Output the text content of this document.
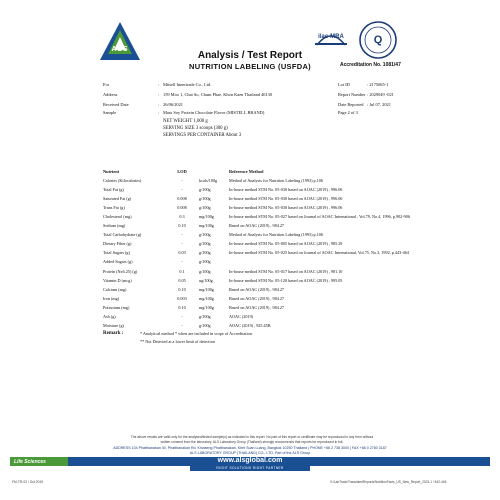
ALS
Analysis / Test Report
NUTRITION LABELING (USFDA)
ilac-MRA	Q
Accreditation No. 1081/47
For	: Mitsell Innertrade Co., Ltd.
Address	: 159 Moo 1, Chai So, Chum Phae, Khon Kaen Thailand 40130
Received Date	: 26/06/2021
Sample	: Mass Soy Protein Chocolate Flavor (MISTELL BRAND)
NET WEIGHT 1,000 g
SERVING SIZE 3 scoops (300 g)
SERVINGS PER CONTAINER About 3
Lot ID	: 2175065-1
Report Number : 2029049 -021
Date Reported : Jul 07, 2021
Page 2 of 3
Nutrient	LOD	Reference Method
Calories (Kilocalories)	-	kcals/100g	Method of Analysis for Nutrition Labeling (1993) p.106
Total Fat (g)	-	g/100g	In-house method STM No. 05-030 based on AOAC (2019) , 996.06
Saturated Fat (g)	0.008	g/100g	In-house method STM No. 05-030 based on AOAC (2019) , 996.06
Trans Fat (g)	0.008	g/100g	In-house method STM No. 05-030 based on AOAC (2019) , 996.06
Cholesterol (mg)	0.3	mg/100g	In-house method STM No. 05-027 based on Journal of AOAC International , Vol.79, No.4, 1996, p.902-906
Sodium (mg)	0.10	mg/100g	Based on AOAC (2019) , 984.27
Total Carbohydrate (g)	-	g/100g	Method of Analysis for Nutrition Labeling (1993) p.106
Dietary Fiber (g)	-	g/100g	In-house method STM No. 05-005 based on AOAC (2019) , 985.29
Total Sugars (g)	0.03	g/100g	In-house method STM No. 05-025 based on Journal of AOAC International, Vol.75, No.3, 1992, p.443-464
Added Sugars (g)	-	g/100g
Protein (Nx6.25) (g)	0.1	g/100g	In-house method STM No. 05-017 based on AOAC (2019) , 981.10
Vitamin D (mcg)	0.05	ug/100g	In-house method STM No. 05-120 based on AOAC (2019) , 995.05
Calcium (mg)	0.10	mg/100g	Based on AOAC (2019) , 984.27
Iron (mg)	0.003	mg/100g	Based on AOAC (2019) , 984.27
Potassium (mg)	0.10	mg/100g	Based on AOAC (2019) , 984.27
Ash (g)	-	g/100g	AOAC (2019)
Moisture (g)	-	g/100g	AOAC (2019) , 925.45B
Remark :	* Analytical method * when are included in scope of Accreditation
** Not Detected at a lower limit of detection
The above results are valid only for the analysed/tested sample(s) as indicated in this report. No part of this report or certificate may be reproduced in any form without written consent from the laboratory. ALS Laboratory Group (Thailand) strongly recommends that reports be reproduced in full.
ADDRESS 104 Phatthanakan 40, Phatthanakan Rd, Khwaeng Phatthanakan, Khet Suan Luang, Bangkok 10250 Thailand | PHONE +66 2 738 3000 | FAX +66 0 2780 3187
ALS LABORATORY GROUP (THAILAND) CO., LTD. Part of the ALS Group
Life Sciences	www.alsglobal.com
RIGHT SOLUTIONS RIGHT PARTNER
FM-TR-03 / Oct 2019	X:\LabTrack\TranslatedReports\NutritionFacts_US_New_Report_2023-1 \ 542-446
